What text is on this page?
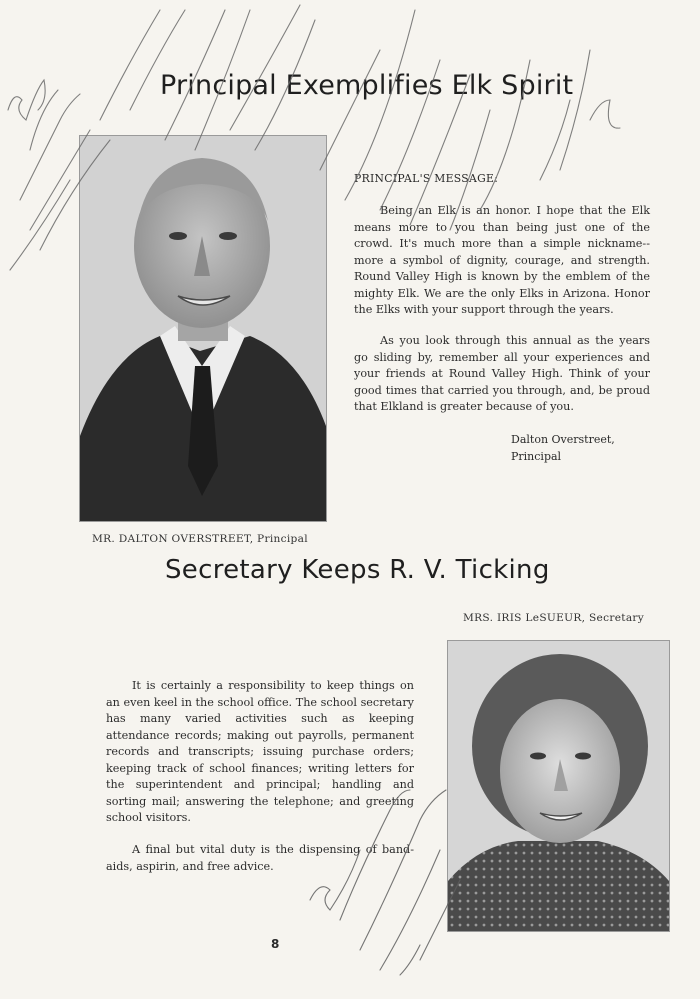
Principal Exemplifies Elk Spirit
PRINCIPAL'S MESSAGE:

Being an Elk is an honor. I hope that the Elk means more to you than being just one of the crowd. It's much more than a simple nickname--more a symbol of dignity, courage, and strength. Round Valley High is known by the emblem of the mighty Elk. We are the only Elks in Arizona. Honor the Elks with your support through the years.

As you look through this annual as the years go sliding by, remember all your experiences and your friends at Round Valley High. Think of your good times that carried you through, and, be proud that Elkland is greater because of you.

Dalton Overstreet,
Principal
MR. DALTON OVERSTREET, Principal
Secretary Keeps R. V. Ticking
MRS. IRIS LeSUEUR, Secretary

It is certainly a responsibility to keep things on an even keel in the school office. The school secretary has many varied activities such as keeping attendance records; making out payrolls, permanent records and transcripts; issuing purchase orders; keeping track of school finances; writing letters for the superintendent and principal; handling and sorting mail; answering the telephone; and greeting school visitors.

A final but vital duty is the dispensing of band-aids, aspirin, and free advice.

8
